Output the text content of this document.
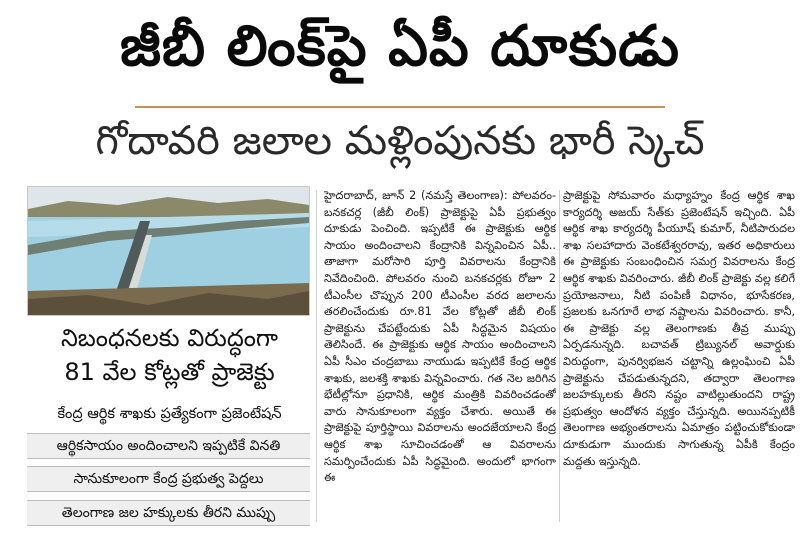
జీబీ లింక్‌పై ఏపీ దూకుడు
గోదావరి జలాల మళ్లింపునకు భారీ స్కెచ్
నిబంధనలకు విరుద్ధంగా
81 వేల కోట్లతో ప్రాజెక్టు
కేంద్ర ఆర్థిక శాఖకు ప్రత్యేకంగా ప్రజెంటేషన్
ఆర్థికసాయం అందించాలని ఇప్పటికే వినతి
సానుకూలంగా కేంద్ర ప్రభుత్వ పెద్దలు
తెలంగాణ జల హక్కులకు తీరని ముప్పు
హైదరాబాద్, జూన్ 2 (నమస్తే తెలంగాణ): పోలవరం-బనకచర్ల (జీబీ లింక్) ప్రాజెక్టుపై ఏపీ ప్రభుత్వం దూకుడు పెంచింది. ఇప్పటికే ఈ ప్రాజెక్టుకు ఆర్థిక సాయం అందించాలని కేంద్రానికి విన్నవించిన ఏపీ.. తాజాగా మరోసారి పూర్తి వివరాలను కేంద్రానికి నివేదించింది. పోలవరం నుంచి బనకచర్లకు రోజూ 2 టీఎంసీల చొప్పున 200 టీఎంసీల వరద జలాలను తరలించేందుకు రూ.81 వేల కోట్లతో జీబీ లింక్ ప్రాజెక్టును చేపట్టేందుకు ఏపీ సిద్ధమైన విషయం తెలిసిందే. ఈ ప్రాజెక్టుకు ఆర్థిక సాయం అందించాలని ఏపీ సీఎం చంద్రబాబు నాయుడు ఇప్పటికే కేంద్ర ఆర్థిక శాఖకు, జలశక్తి శాఖకు విన్నవించారు. గత నెల జరిగిన భేటీల్లోనూ ప్రధానికి, ఆర్థిక మంత్రికి వివరించడంతో వారు సానుకూలంగా వ్యక్తం చేశారు. అయితే ఈ ప్రాజెక్టుపై పూర్తిస్థాయి వివరాలను అందజేయాలని కేంద్ర ఆర్థిక శాఖ సూచించడంతో ఆ వివరాలను సమర్పించేందుకు ఏపీ సిద్ధమైంది. అందులో భాగంగా ఈ
ప్రాజెక్టుపై సోమవారం మధ్యాహ్నం కేంద్ర ఆర్థిక శాఖ కార్యదర్శి అజయ్ సేత్‌కు ప్రజెంటేషన్ ఇచ్చింది. ఏపీ ఆర్థిక శాఖ కార్యదర్శి పీయూష్ కుమార్, నీటిపారుదల శాఖ సలహాదారు వెంకటేశ్వరరావు, ఇతర అధికారులు ఈ ప్రాజెక్టుకు సంబంధించిన సమగ్ర వివరాలను కేంద్ర ఆర్థిక శాఖకు వివరించారు. జీబీ లింక్ ప్రాజెక్టు వల్ల కలిగే ప్రయోజనాలు, నీటి పంపిణీ విధానం, భూసేకరణ, ప్రజలకు ఒనగూరే లాభ నష్టాలను వివరించారు. కానీ, ఈ ప్రాజెక్టు వల్ల తెలంగాణకు తీవ్ర ముప్పు ఏర్పడనున్నది. బచావత్ ట్రిబ్యునల్ అవార్డుకు విరుద్ధంగా, పునర్విభజన చట్టాన్ని ఉల్లంఘించి ఏపీ ప్రాజెక్టును చేపడుతున్నదని, తద్వారా తెలంగాణ జలహక్కులకు తీరని నష్టం వాటిల్లుతుందని రాష్ట్ర ప్రభుత్వం ఆందోళన వ్యక్తం చేస్తున్నది. అయినప్పటికీ తెలంగాణ అభ్యంతరాలను ఏమాత్రం పట్టించుకోకుండా దూకుడుగా ముందుకు సాగుతున్న ఏపీకి కేంద్రం మద్దతు ఇస్తున్నది.
